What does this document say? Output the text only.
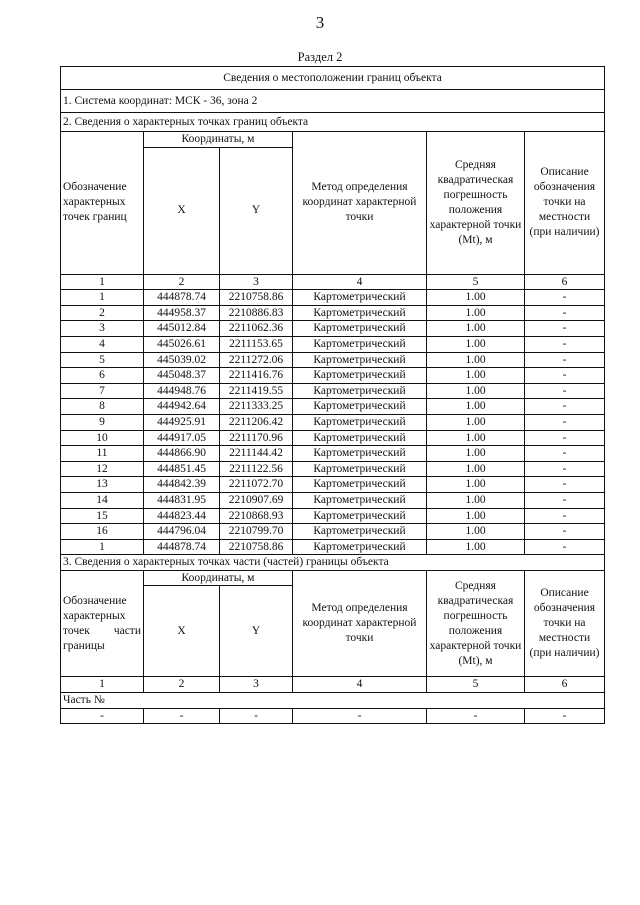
3
Раздел 2
Сведения о местоположении границ объекта					
1. Система координат: МСК - 36, зона 2					
2. Сведения о характерных точках границ объекта					
Обозначение характерных точек границ	Координаты, м		Метод определения координат характерной точки	Средняя квадратическая погрешность положения характерной точки (Mt), м	Описание обозначения точки на местности (при наличии)
	X	Y			
1	2	3	4	5	6
1	444878.74	2210758.86	Картометрический	1.00	-
2	444958.37	2210886.83	Картометрический	1.00	-
3	445012.84	2211062.36	Картометрический	1.00	-
4	445026.61	2211153.65	Картометрический	1.00	-
5	445039.02	2211272.06	Картометрический	1.00	-
6	445048.37	2211416.76	Картометрический	1.00	-
7	444948.76	2211419.55	Картометрический	1.00	-
8	444942.64	2211333.25	Картометрический	1.00	-
9	444925.91	2211206.42	Картометрический	1.00	-
10	444917.05	2211170.96	Картометрический	1.00	-
11	444866.90	2211144.42	Картометрический	1.00	-
12	444851.45	2211122.56	Картометрический	1.00	-
13	444842.39	2211072.70	Картометрический	1.00	-
14	444831.95	2210907.69	Картометрический	1.00	-
15	444823.44	2210868.93	Картометрический	1.00	-
16	444796.04	2210799.70	Картометрический	1.00	-
1	444878.74	2210758.86	Картометрический	1.00	-
3. Сведения о характерных точках части (частей) границы объекта					
Обозначение характерных точек части границы	Координаты, м		Метод определения координат характерной точки	Средняя квадратическая погрешность положения характерной точки (Mt), м	Описание обозначения точки на местности (при наличии)
	X	Y			
1	2	3	4	5	6
Часть №					
-	-	-	-	-	-
